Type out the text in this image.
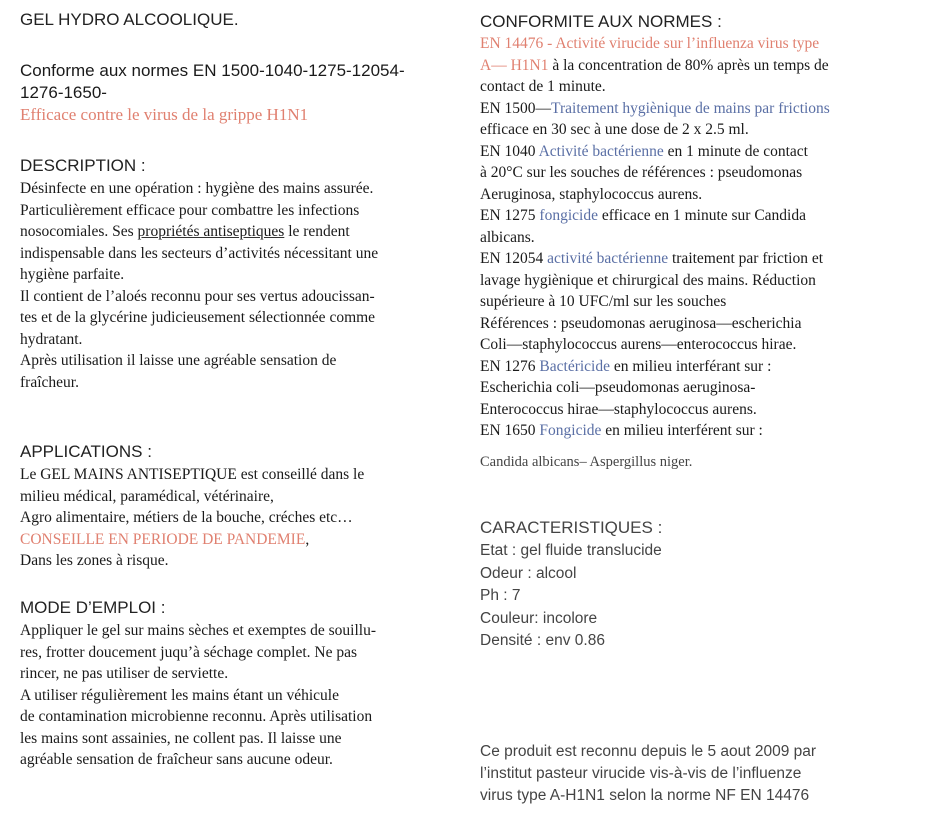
GEL HYDRO ALCOOLIQUE.
Conforme aux normes EN 1500-1040-1275-12054-
1276-1650-
Efficace contre le virus de la grippe H1N1
DESCRIPTION :
Désinfecte en une opération : hygiène des mains assurée.
Particulièrement efficace pour combattre les infections
nosocomiales. Ses propriétés antiseptiques le rendent
indispensable dans les secteurs d’activités nécessitant une
hygiène parfaite.
Il contient de l’aloés reconnu pour ses vertus adoucissan-
tes et de la glycérine judicieusement sélectionnée comme
hydratant.
Après utilisation il laisse une agréable sensation de
fraîcheur.
APPLICATIONS :
Le GEL MAINS ANTISEPTIQUE est conseillé dans le
milieu médical, paramédical, vétérinaire,
Agro alimentaire, métiers de la bouche, créches etc…
CONSEILLE EN PERIODE DE PANDEMIE,
Dans les zones à risque.
MODE D’EMPLOI :
Appliquer le gel sur mains sèches et exemptes de souillu-
res, frotter doucement juqu’à séchage complet. Ne pas
rincer, ne pas utiliser de serviette.
A utiliser régulièrement les mains étant un véhicule
de contamination microbienne reconnu. Après utilisation
les mains sont assainies, ne collent pas. Il laisse une
agréable sensation de fraîcheur sans aucune odeur.
CONFORMITE AUX NORMES :
EN 14476 - Activité virucide sur l’influenza virus type
A— H1N1 à la concentration de 80% après un temps de
contact de 1 minute.
EN 1500—Traitement hygiènique de mains par frictions
efficace en 30 sec à une dose de 2 x 2.5 ml.
EN 1040 Activité bactérienne en 1 minute de contact
à 20°C sur les souches de références : pseudomonas
Aeruginosa, staphylococcus aurens.
EN 1275 fongicide efficace en 1 minute sur Candida
albicans.
EN 12054 activité bactérienne traitement par friction et
lavage hygiènique et chirurgical des mains. Réduction
supérieure à 10 UFC/ml sur les souches
Références : pseudomonas aeruginosa—escherichia
Coli—staphylococcus aurens—enterococcus hirae.
EN 1276 Bactéricide en milieu interférant sur :
Escherichia coli—pseudomonas aeruginosa-
Enterococcus hirae—staphylococcus aurens.
EN 1650 Fongicide en milieu interférent sur :
Candida albicans– Aspergillus niger.
CARACTERISTIQUES :
Etat : gel fluide translucide
Odeur : alcool
Ph : 7
Couleur: incolore
Densité : env 0.86
Ce produit est reconnu depuis le 5 aout 2009 par
l’institut pasteur virucide vis-à-vis de l’influenze
virus type A-H1N1 selon la norme NF EN 14476
